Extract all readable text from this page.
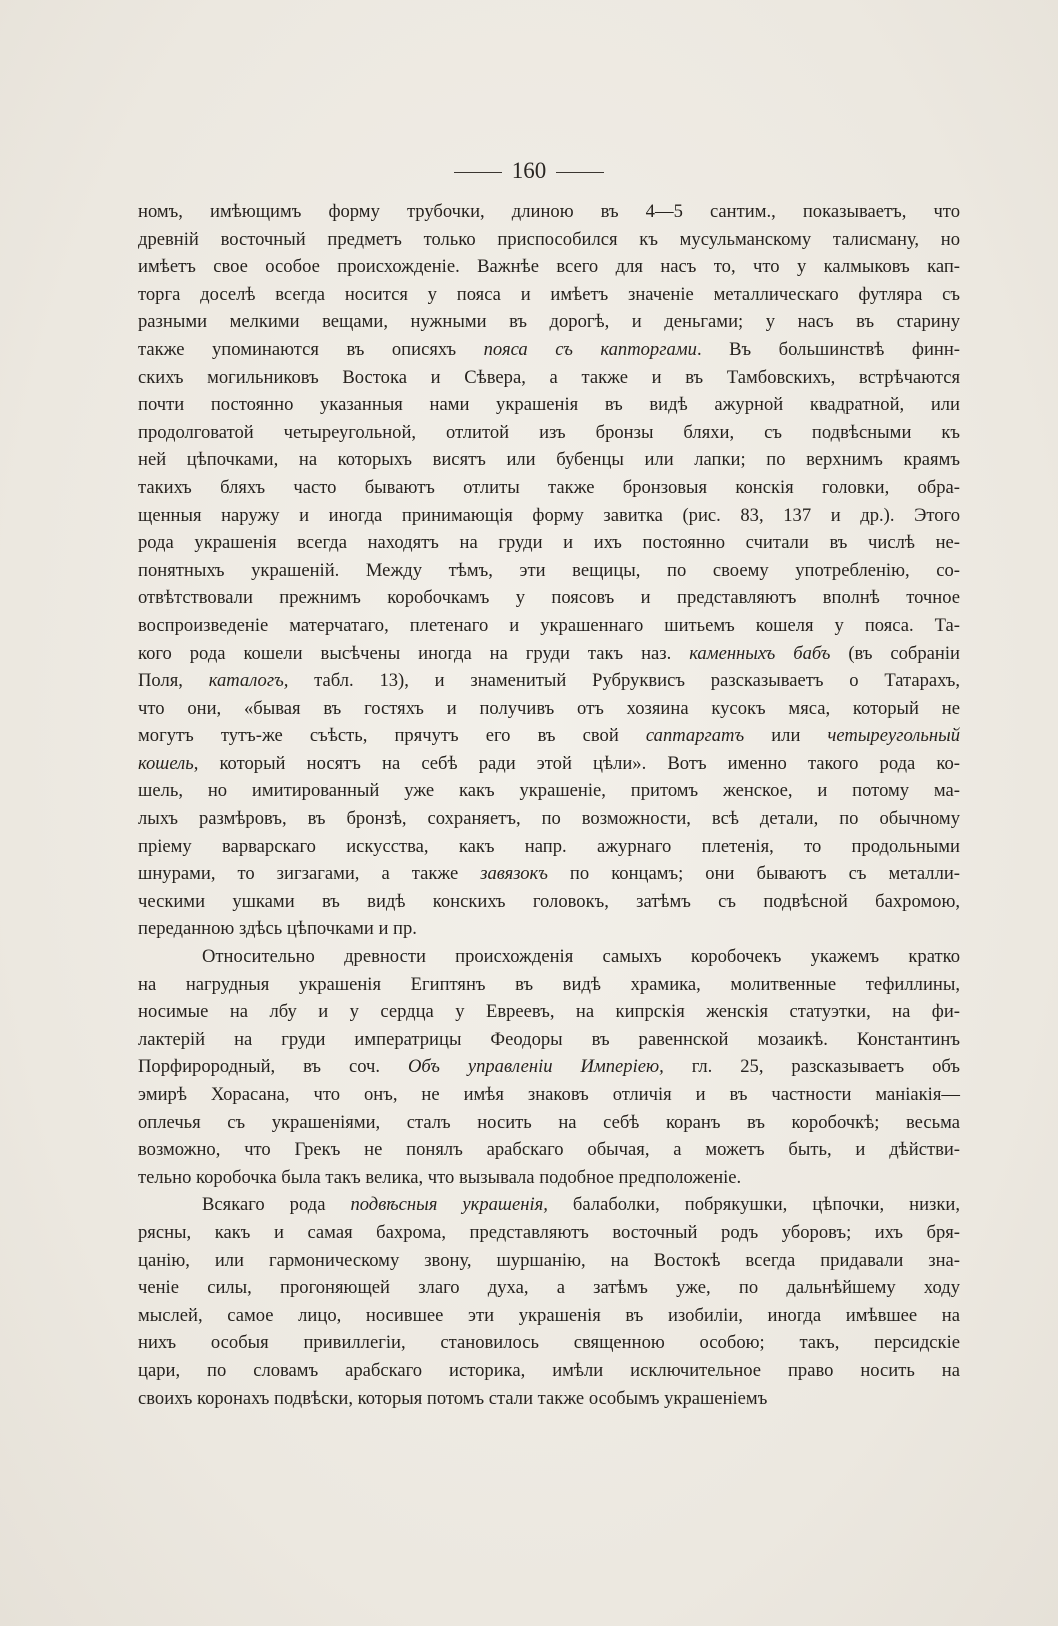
160
номъ, имѣющимъ форму трубочки, длиною въ 4—5 сантим., показываетъ, что
древній восточный предметъ только приспособился къ мусульманскому талисману, но
имѣетъ свое особое происхожденіе. Важнѣе всего для насъ то, что у калмыковъ кап-
торга доселѣ всегда носится у пояса и имѣетъ значеніе металлическаго футляра съ
разными мелкими вещами, нужными въ дорогѣ, и деньгами; у насъ въ старину
также упоминаются въ описяхъ пояса съ капторгами. Въ большинствѣ финн-
скихъ могильниковъ Востока и Сѣвера, а также и въ Тамбовскихъ, встрѣчаются
почти постоянно указанныя нами украшенія въ видѣ ажурной квадратной, или
продолговатой четыреугольной, отлитой изъ бронзы бляхи, съ подвѣсными къ
ней цѣпочками, на которыхъ висятъ или бубенцы или лапки; по верхнимъ краямъ
такихъ бляхъ часто бываютъ отлиты также бронзовыя конскія головки, обра-
щенныя наружу и иногда принимающія форму завитка (рис. 83, 137 и др.). Этого
рода украшенія всегда находятъ на груди и ихъ постоянно считали въ числѣ не-
понятныхъ украшеній. Между тѣмъ, эти вещицы, по своему употребленію, со-
отвѣтствовали прежнимъ коробочкамъ у поясовъ и представляютъ вполнѣ точное
воспроизведеніе матерчатаго, плетенаго и украшеннаго шитьемъ кошеля у пояса. Та-
кого рода кошели высѣчены иногда на груди такъ наз. каменныхъ бабъ (въ собраніи
Поля, каталогъ, табл. 13), и знаменитый Рубруквисъ разсказываетъ о Татарахъ,
что они, «бывая въ гостяхъ и получивъ отъ хозяина кусокъ мяса, который не
могутъ тутъ-же съѣсть, прячутъ его въ свой саптаргатъ или четыреугольный
кошель, который носятъ на себѣ ради этой цѣли». Вотъ именно такого рода ко-
шель, но имитированный уже какъ украшеніе, притомъ женское, и потому ма-
лыхъ размѣровъ, въ бронзѣ, сохраняетъ, по возможности, всѣ детали, по обычному
пріему варварскаго искусства, какъ напр. ажурнаго плетенія, то продольными
шнурами, то зигзагами, а также завязокъ по концамъ; они бываютъ съ металли-
ческими ушками въ видѣ конскихъ головокъ, затѣмъ съ подвѣсной бахромою,
переданною здѣсь цѣпочками и пр.
Относительно древности происхожденія самыхъ коробочекъ укажемъ кратко
на нагрудныя украшенія Египтянъ въ видѣ храмика, молитвенные тефиллины,
носимые на лбу и у сердца у Евреевъ, на кипрскія женскія статуэтки, на фи-
лактерій на груди императрицы Феодоры въ равеннской мозаикѣ. Константинъ
Порфирородный, въ соч. Объ управленіи Имперіею, гл. 25, разсказываетъ объ
эмирѣ Хорасана, что онъ, не имѣя знаковъ отличія и въ частности маніакія—
оплечья съ украшеніями, сталъ носить на себѣ коранъ въ коробочкѣ; весьма
возможно, что Грекъ не понялъ арабскаго обычая, а можетъ быть, и дѣйстви-
тельно коробочка была такъ велика, что вызывала подобное предположеніе.
Всякаго рода подвѣсныя украшенія, балаболки, побрякушки, цѣпочки, низки,
рясны, какъ и самая бахрома, представляютъ восточный родъ уборовъ; ихъ бря-
цанію, или гармоническому звону, шуршанію, на Востокѣ всегда придавали зна-
ченіе силы, прогоняющей злаго духа, а затѣмъ уже, по дальнѣйшему ходу
мыслей, самое лицо, носившее эти украшенія въ изобиліи, иногда имѣвшее на
нихъ особыя привиллегіи, становилось священною особою; такъ, персидскіе
цари, по словамъ арабскаго историка, имѣли исключительное право носить на
своихъ коронахъ подвѣски, которыя потомъ стали также особымъ украшеніемъ
